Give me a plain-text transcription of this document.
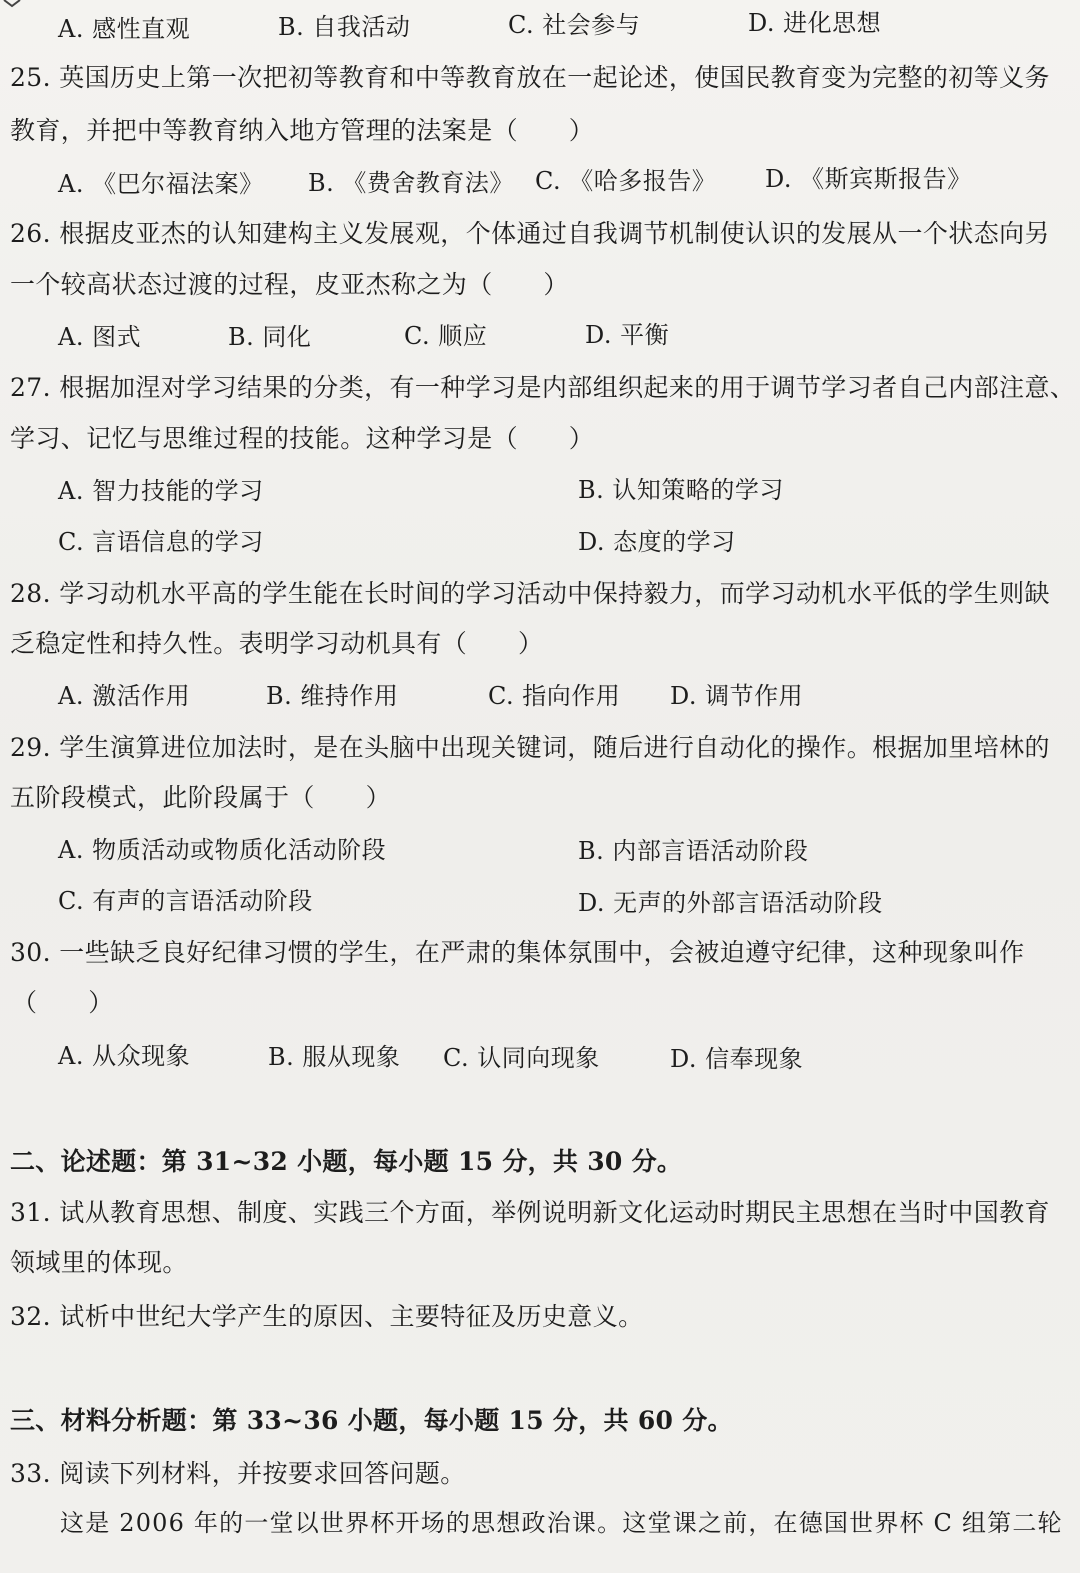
A. 感性直观	B. 自我活动	C. 社会参与	D. 进化思想
25. 英国历史上第一次把初等教育和中等教育放在一起论述，使国民教育变为完整的初等义务
教育，并把中等教育纳入地方管理的法案是（　　）
A. 《巴尔福法案》 B. 《费舍教育法》 C. 《哈多报告》 D. 《斯宾斯报告》
26. 根据皮亚杰的认知建构主义发展观，个体通过自我调节机制使认识的发展从一个状态向另
一个较高状态过渡的过程，皮亚杰称之为（　　）
A. 图式	B. 同化	C. 顺应	D. 平衡
27. 根据加涅对学习结果的分类，有一种学习是内部组织起来的用于调节学习者自己内部注意、
学习、记忆与思维过程的技能。这种学习是（　　）
A. 智力技能的学习	B. 认知策略的学习
C. 言语信息的学习	D. 态度的学习
28. 学习动机水平高的学生能在长时间的学习活动中保持毅力，而学习动机水平低的学生则缺
乏稳定性和持久性。表明学习动机具有（　　）
A. 激活作用	B. 维持作用	C. 指向作用 D. 调节作用
29. 学生演算进位加法时，是在头脑中出现关键词，随后进行自动化的操作。根据加里培林的
五阶段模式，此阶段属于（　　）
A. 物质活动或物质化活动阶段	B. 内部言语活动阶段
C. 有声的言语活动阶段	D. 无声的外部言语活动阶段
30. 一些缺乏良好纪律习惯的学生，在严肃的集体氛围中，会被迫遵守纪律，这种现象叫作
（　　）
A. 从众现象	B. 服从现象 C. 认同向现象	D. 信奉现象
二、论述题：第 31~32 小题，每小题 15 分，共 30 分。
31. 试从教育思想、制度、实践三个方面，举例说明新文化运动时期民主思想在当时中国教育
领域里的体现。
32. 试析中世纪大学产生的原因、主要特征及历史意义。
三、材料分析题：第 33~36 小题，每小题 15 分，共 60 分。
33. 阅读下列材料，并按要求回答问题。
这是 2006 年的一堂以世界杯开场的思想政治课。这堂课之前，在德国世界杯 C 组第二轮
